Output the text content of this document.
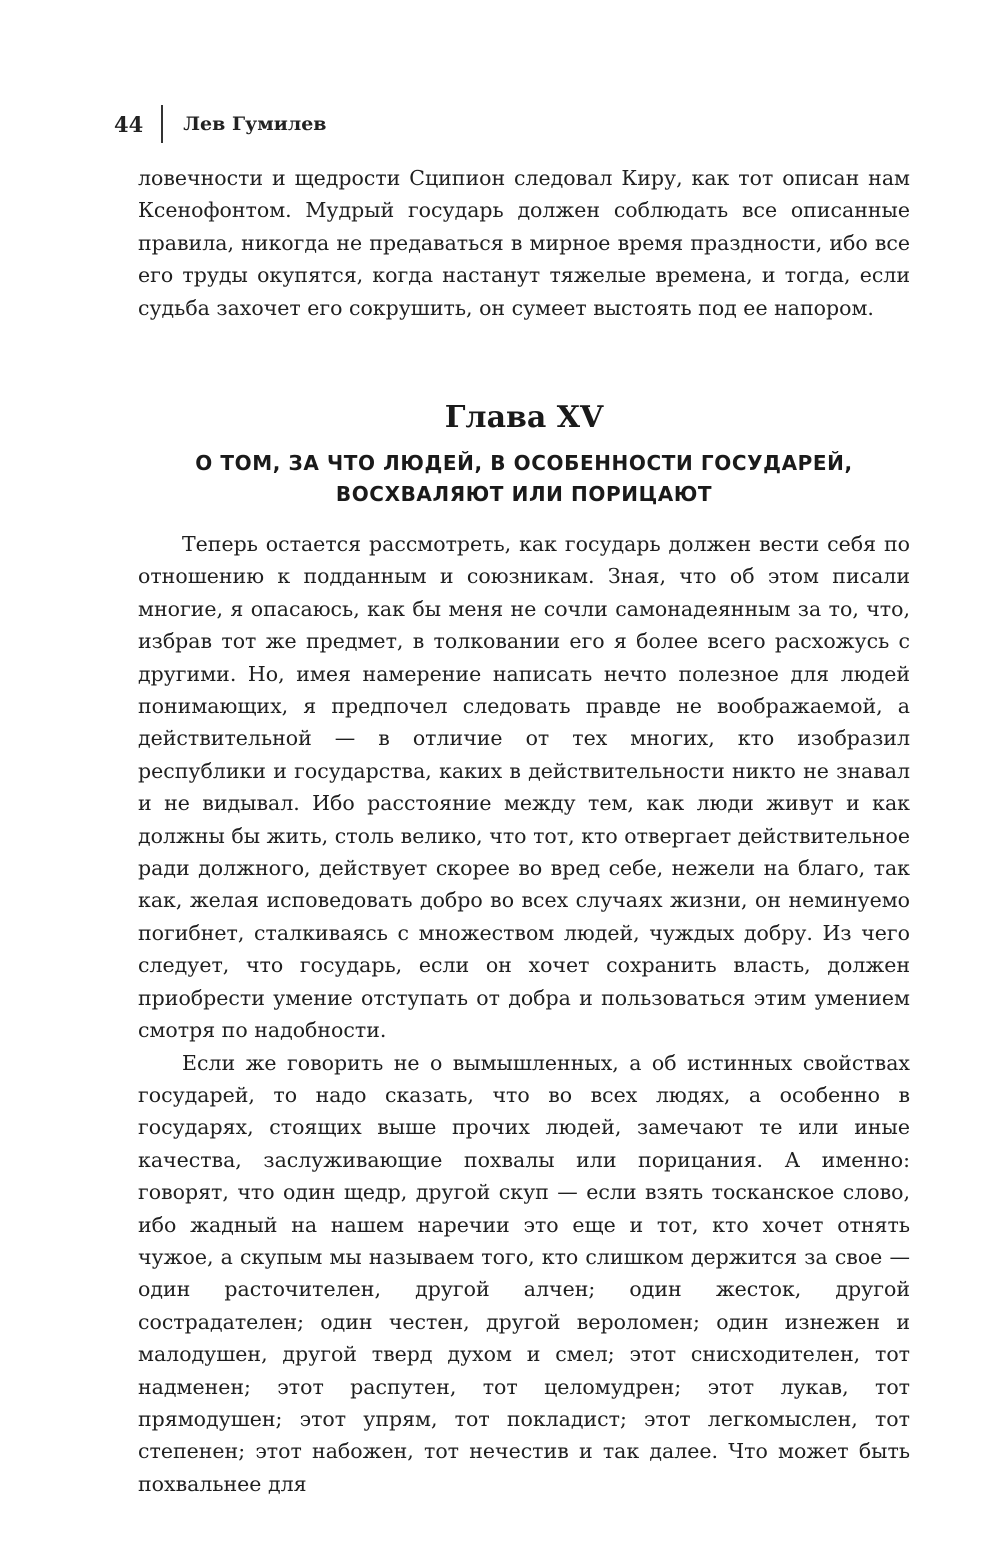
44 Лев Гумилев

ловечности и щедрости Сципион следовал Киру, как тот описан нам Ксенофонтом. Мудрый государь должен соблюдать все описанные правила, никогда не предаваться в мирное время праздности, ибо все его труды окупятся, когда настанут тяжелые времена, и тогда, если судьба захочет его сокрушить, он сумеет выстоять под ее напором.

Глава XV
О ТОМ, ЗА ЧТО ЛЮДЕЙ, В ОСОБЕННОСТИ ГОСУДАРЕЙ,
ВОСХВАЛЯЮТ ИЛИ ПОРИЦАЮТ

Теперь остается рассмотреть, как государь должен вести себя по отношению к подданным и союзникам. Зная, что об этом писали многие, я опасаюсь, как бы меня не сочли самонадеянным за то, что, избрав тот же предмет, в толковании его я более всего расхожусь с другими. Но, имея намерение написать нечто полезное для людей понимающих, я предпочел следовать правде не воображаемой, а действительной — в отличие от тех многих, кто изобразил республики и государства, каких в действительности никто не знавал и не видывал. Ибо расстояние между тем, как люди живут и как должны бы жить, столь велико, что тот, кто отвергает действительное ради должного, действует скорее во вред себе, нежели на благо, так как, желая исповедовать добро во всех случаях жизни, он неминуемо погибнет, сталкиваясь с множеством людей, чуждых добру. Из чего следует, что государь, если он хочет сохранить власть, должен приобрести умение отступать от добра и пользоваться этим умением смотря по надобности.

Если же говорить не о вымышленных, а об истинных свойствах государей, то надо сказать, что во всех людях, а особенно в государях, стоящих выше прочих людей, замечают те или иные качества, заслуживающие похвалы или порицания. А именно: говорят, что один щедр, другой скуп — если взять тосканское слово, ибо жадный на нашем наречии это еще и тот, кто хочет отнять чужое, а скупым мы называем того, кто слишком держится за свое — один расточителен, другой алчен; один жесток, другой сострадателен; один честен, другой вероломен; один изнежен и малодушен, другой тверд духом и смел; этот снисходителен, тот надменен; этот распутен, тот целомудрен; этот лукав, тот прямодушен; этот упрям, тот покладист; этот легкомыслен, тот степенен; этот набожен, тот нечестив и так далее. Что может быть похвальнее для
